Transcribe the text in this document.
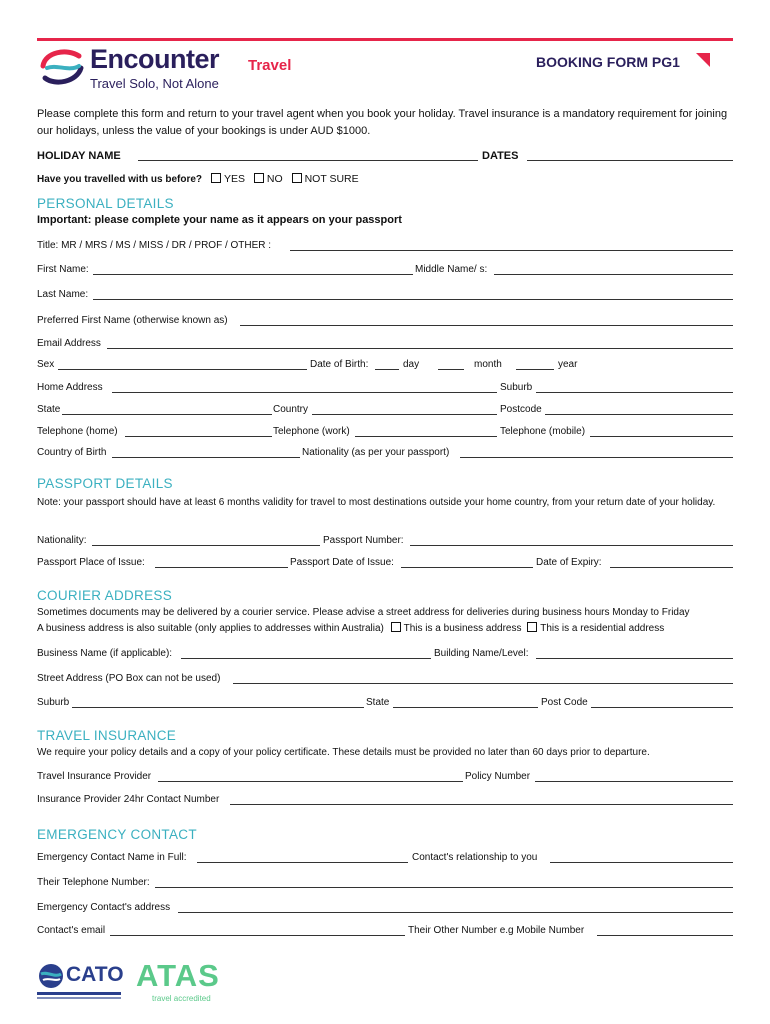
Encounter Travel
Travel Solo, Not Alone
BOOKING FORM PG1
Please complete this form and return to your travel agent when you book your holiday. Travel insurance is a mandatory requirement for joining our holidays, unless the value of your bookings is under AUD $1000.
HOLIDAY NAME	DATES
Have you travelled with us before? YES NO NOT SURE
PERSONAL DETAILS
Important: please complete your name as it appears on your passport
Title: MR / MRS / MS / MISS / DR / PROF / OTHER :
First Name:	Middle Name/ s:
Last Name:
Preferred First Name (otherwise known as)
Email Address
Sex	Date of Birth:	day	month	year
Home Address	Suburb
State	Country	Postcode
Telephone (home)	Telephone (work)	Telephone (mobile)
Country of Birth	Nationality (as per your passport)
PASSPORT DETAILS
Note: your passport should have at least 6 months validity for travel to most destinations outside your home country, from your return date of your holiday.
Nationality:	Passport Number:
Passport Place of Issue:	Passport Date of Issue:	Date of Expiry:
COURIER ADDRESS
Sometimes documents may be delivered by a courier service. Please advise a street address for deliveries during business hours Monday to Friday
A business address is also suitable (only applies to addresses within Australia) This is a business address This is a residential address
Business Name (if applicable):	Building Name/Level:
Street Address (PO Box can not be used)
Suburb	State	Post Code
TRAVEL INSURANCE
We require your policy details and a copy of your policy certificate. These details must be provided no later than 60 days prior to departure.
Travel Insurance Provider	Policy Number
Insurance Provider 24hr Contact Number
EMERGENCY CONTACT
Emergency Contact Name in Full:	Contact's relationship to you
Their Telephone Number:
Emergency Contact's address
Contact's email	Their Other Number e.g Mobile Number
CATO ATAS
travel accredited
